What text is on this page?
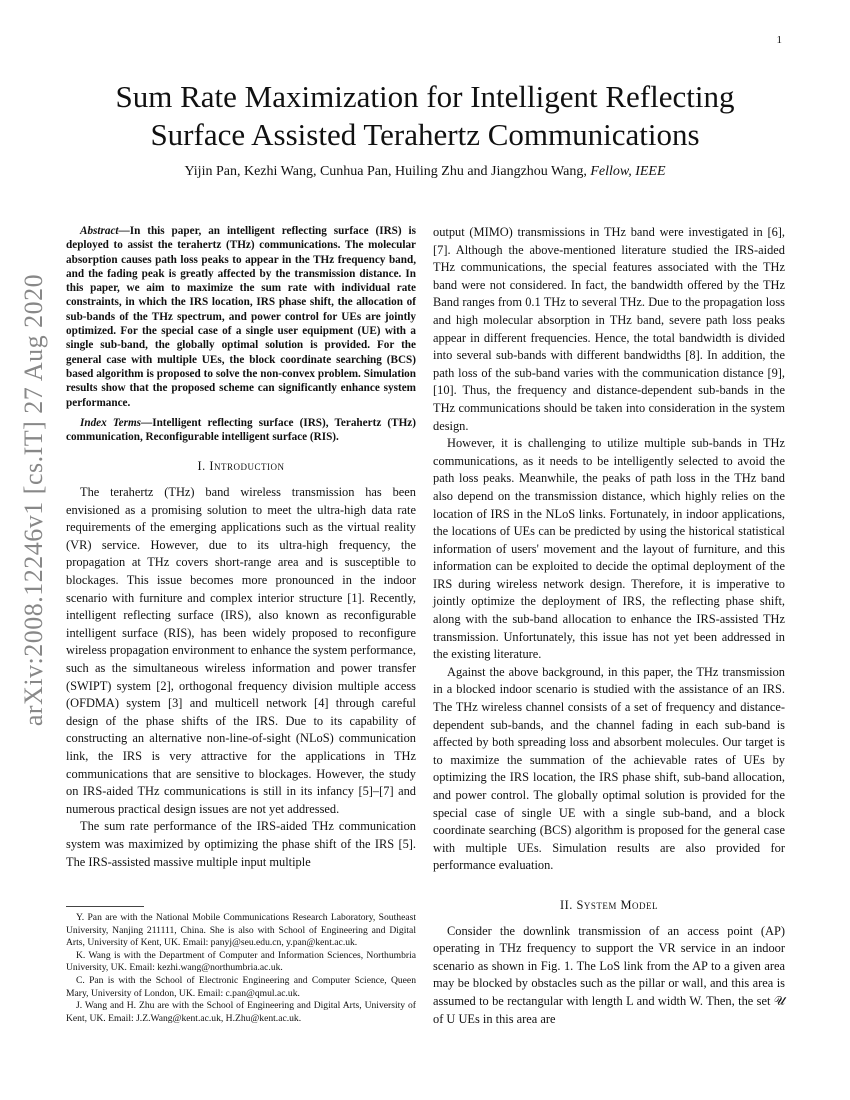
1
arXiv:2008.12246v1 [cs.IT] 27 Aug 2020
Sum Rate Maximization for Intelligent Reflecting
Surface Assisted Terahertz Communications
Yijin Pan, Kezhi Wang, Cunhua Pan, Huiling Zhu and Jiangzhou Wang, Fellow, IEEE

Abstract—In this paper, an intelligent reflecting surface (IRS) is deployed to assist the terahertz (THz) communications. The molecular absorption causes path loss peaks to appear in the THz frequency band, and the fading peak is greatly affected by the transmission distance. In this paper, we aim to maximize the sum rate with individual rate constraints, in which the IRS location, IRS phase shift, the allocation of sub-bands of the THz spectrum, and power control for UEs are jointly optimized. For the special case of a single user equipment (UE) with a single sub-band, the globally optimal solution is provided. For the general case with multiple UEs, the block coordinate searching (BCS) based algorithm is proposed to solve the non-convex problem. Simulation results show that the proposed scheme can significantly enhance system performance.

Index Terms—Intelligent reflecting surface (IRS), Terahertz (THz) communication, Reconfigurable intelligent surface (RIS).

I. Introduction

The terahertz (THz) band wireless transmission has been envisioned as a promising solution to meet the ultra-high data rate requirements of the emerging applications such as the virtual reality (VR) service. However, due to its ultra-high frequency, the propagation at THz covers short-range area and is susceptible to blockages. This issue becomes more pronounced in the indoor scenario with furniture and complex interior structure [1]. Recently, intelligent reflecting surface (IRS), also known as reconfigurable intelligent surface (RIS), has been widely proposed to reconfigure wireless propagation environment to enhance the system performance, such as the simultaneous wireless information and power transfer (SWIPT) system [2], orthogonal frequency division multiple access (OFDMA) system [3] and multicell network [4] through careful design of the phase shifts of the IRS. Due to its capability of constructing an alternative non-line-of-sight (NLoS) communication link, the IRS is very attractive for the applications in THz communications that are sensitive to blockages. However, the study on IRS-aided THz communications is still in its infancy [5]–[7] and numerous practical design issues are not yet addressed.

The sum rate performance of the IRS-aided THz communication system was maximized by optimizing the phase shift of the IRS [5]. The IRS-assisted massive multiple input multiple

Y. Pan are with the National Mobile Communications Research Laboratory, Southeast University, Nanjing 211111, China. She is also with School of Engineering and Digital Arts, University of Kent, UK. Email: panyj@seu.edu.cn, y.pan@kent.ac.uk.

K. Wang is with the Department of Computer and Information Sciences, Northumbria University, UK. Email: kezhi.wang@northumbria.ac.uk.

C. Pan is with the School of Electronic Engineering and Computer Science, Queen Mary, University of London, UK. Email: c.pan@qmul.ac.uk.

J. Wang and H. Zhu are with the School of Engineering and Digital Arts, University of Kent, UK. Email: J.Z.Wang@kent.ac.uk, H.Zhu@kent.ac.uk.

output (MIMO) transmissions in THz band were investigated in [6], [7]. Although the above-mentioned literature studied the IRS-aided THz communications, the special features associated with the THz band were not considered. In fact, the bandwidth offered by the THz Band ranges from 0.1 THz to several THz. Due to the propagation loss and high molecular absorption in THz band, severe path loss peaks appear in different frequencies. Hence, the total bandwidth is divided into several sub-bands with different bandwidths [8]. In addition, the path loss of the sub-band varies with the communication distance [9], [10]. Thus, the frequency and distance-dependent sub-bands in the THz communications should be taken into consideration in the system design.

However, it is challenging to utilize multiple sub-bands in THz communications, as it needs to be intelligently selected to avoid the path loss peaks. Meanwhile, the peaks of path loss in the THz band also depend on the transmission distance, which highly relies on the location of IRS in the NLoS links. Fortunately, in indoor applications, the locations of UEs can be predicted by using the historical statistical information of users' movement and the layout of furniture, and this information can be exploited to decide the optimal deployment of the IRS during wireless network design. Therefore, it is imperative to jointly optimize the deployment of IRS, the reflecting phase shift, along with the sub-band allocation to enhance the IRS-assisted THz transmission. Unfortunately, this issue has not yet been addressed in the existing literature.

Against the above background, in this paper, the THz transmission in a blocked indoor scenario is studied with the assistance of an IRS. The THz wireless channel consists of a set of frequency and distance-dependent sub-bands, and the channel fading in each sub-band is affected by both spreading loss and absorbent molecules. Our target is to maximize the summation of the achievable rates of UEs by optimizing the IRS location, the IRS phase shift, sub-band allocation, and power control. The globally optimal solution is provided for the special case of single UE with a single sub-band, and a block coordinate searching (BCS) algorithm is proposed for the general case with multiple UEs. Simulation results are also provided for performance evaluation.

II. System Model

Consider the downlink transmission of an access point (AP) operating in THz frequency to support the VR service in an indoor scenario as shown in Fig. 1. The LoS link from the AP to a given area may be blocked by obstacles such as the pillar or wall, and this area is assumed to be rectangular with length L and width W. Then, the set 𝒰 of U UEs in this area are
